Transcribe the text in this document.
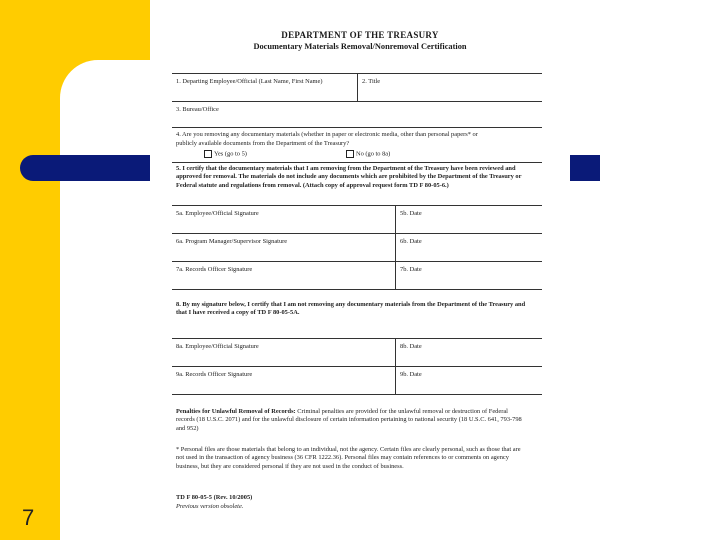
7
DEPARTMENT OF THE TREASURY
Documentary Materials Removal/Nonremoval Certification
1. Departing Employee/Official (Last Name, First Name)	2. Title
3. Bureau/Office
4. Are you removing any documentary materials (whether in paper or electronic media, other than personal papers* or
publicly available documents from the Department of the Treasury?
Yes (go to 5)	No (go to 8a)
5. I certify that the documentary materials that I am removing from the Department of the Treasury have been reviewed and approved for removal. The materials do not include any documents which are prohibited by the Department of the Treasury or Federal statute and regulations from removal. (Attach copy of approval request form TD F 80-05-6.)
5a. Employee/Official Signature	5b. Date
6a. Program Manager/Supervisor Signature	6b. Date
7a. Records Officer Signature	7b. Date
8. By my signature below, I certify that I am not removing any documentary materials from the Department of the Treasury and that I have received a copy of TD F 80-05-5A.
8a. Employee/Official Signature	8b. Date
9a. Records Officer Signature	9b. Date
Penalties for Unlawful Removal of Records: Criminal penalties are provided for the unlawful removal or destruction of Federal records (18 U.S.C. 2071) and for the unlawful disclosure of certain information pertaining to national security (18 U.S.C. 641, 793-798 and 952)
* Personal files are those materials that belong to an individual, not the agency. Certain files are clearly personal, such as those that are not used in the transaction of agency business (36 CFR 1222.36). Personal files may contain references to or comments on agency business, but they are considered personal if they are not used in the conduct of business.
TD F 80-05-5 (Rev. 10/2005)
Previous version obsolete.
